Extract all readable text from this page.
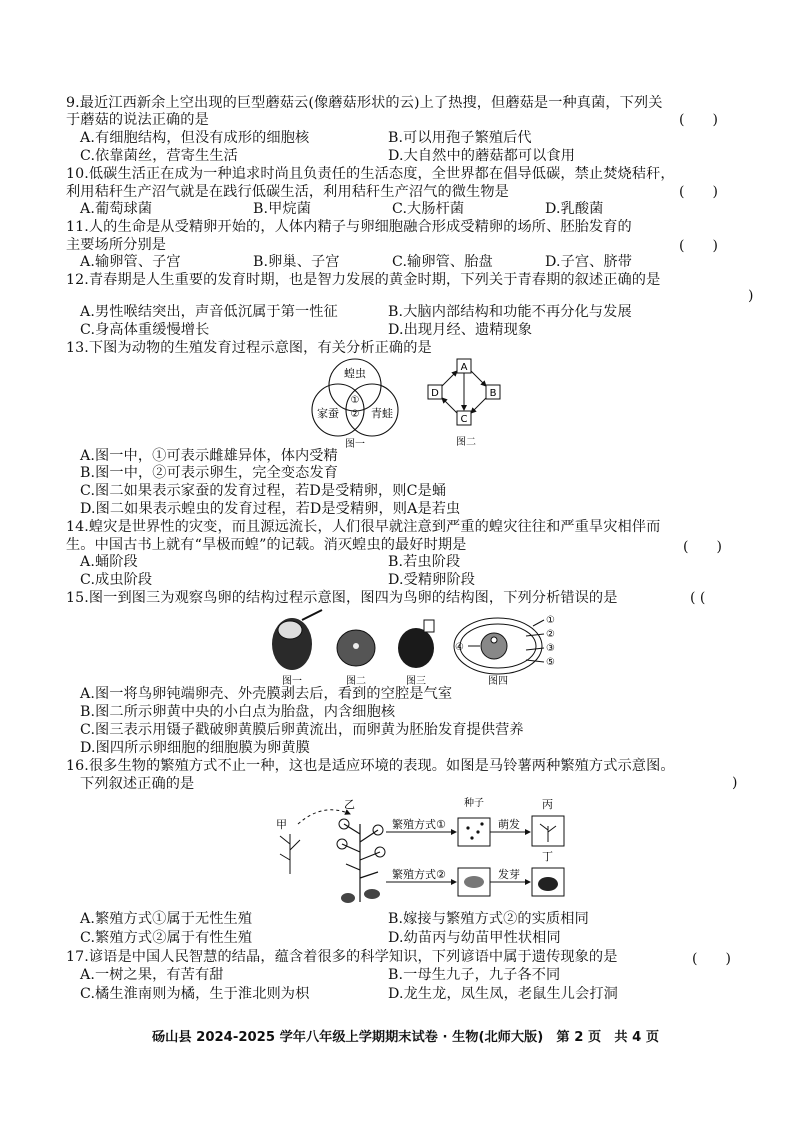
9.最近江西新余上空出现的巨型蘑菇云(像蘑菇形状的云)上了热搜，但蘑菇是一种真菌，下列关
于蘑菇的说法正确的是	(　　)
A.有细胞结构，但没有成形的细胞核	B.可以用孢子繁殖后代
C.依靠菌丝，营寄生生活	D.大自然中的蘑菇都可以食用
10.低碳生活正在成为一种追求时尚且负责任的生活态度，全世界都在倡导低碳，禁止焚烧秸秆，
利用秸秆生产沼气就是在践行低碳生活，利用秸秆生产沼气的微生物是	(　　)
A.葡萄球菌	B.甲烷菌	C.大肠杆菌	D.乳酸菌
11.人的生命是从受精卵开始的，人体内精子与卵细胞融合形成受精卵的场所、胚胎发育的
主要场所分别是	(　　)
A.输卵管、子宫	B.卵巢、子宫	C.输卵管、胎盘	D.子宫、脐带
12.青春期是人生重要的发育时期，也是智力发展的黄金时期，下列关于青春期的叙述正确的是
)
A.男性喉结突出，声音低沉属于第一性征	B.大脑内部结构和功能不再分化与发展
C.身高体重缓慢增长	D.出现月经、遗精现象
13.下图为动物的生殖发育过程示意图，有关分析正确的是
蝗虫
家蚕	青蛙
①
②
图一
A
B
C
D
图二
A.图一中，①可表示雌雄异体，体内受精
B.图一中，②可表示卵生，完全变态发育
C.图二如果表示家蚕的发育过程，若D是受精卵，则C是蛹
D.图二如果表示蝗虫的发育过程，若D是受精卵，则A是若虫
14.蝗灾是世界性的灾变，而且源远流长，人们很早就注意到严重的蝗灾往往和严重旱灾相伴而
生。中国古书上就有“旱极而蝗”的记载。消灭蝗虫的最好时期是	(　　)
A.蛹阶段	B.若虫阶段
C.成虫阶段	D.受精卵阶段
15.图一到图三为观察鸟卵的结构过程示意图，图四为鸟卵的结构图，下列分析错误的是	( (
①
②
③
④
⑤
图一	图二	图三	图四
A.图一将鸟卵钝端卵壳、外壳膜剥去后，看到的空腔是气室
B.图二所示卵黄中央的小白点为胎盘，内含细胞核
C.图三表示用镊子戳破卵黄膜后卵黄流出，而卵黄为胚胎发育提供营养
D.图四所示卵细胞的细胞膜为卵黄膜
16.很多生物的繁殖方式不止一种，这也是适应环境的表现。如图是马铃薯两种繁殖方式示意图。
下列叙述正确的是	)
甲
乙
繁殖方式①
种子
萌发
丙
繁殖方式②	发芽
丁
A.繁殖方式①属于无性生殖	B.嫁接与繁殖方式②的实质相同
C.繁殖方式②属于有性生殖	D.幼苗丙与幼苗甲性状相同
17.谚语是中国人民智慧的结晶，蕴含着很多的科学知识，下列谚语中属于遗传现象的是	(　　)
A.一树之果，有苦有甜	B.一母生九子，九子各不同
C.橘生淮南则为橘，生于淮北则为枳	D.龙生龙，凤生凤，老鼠生儿会打洞
砀山县 2024-2025 学年八年级上学期期末试卷 · 生物(北师大版)　第 2 页　共 4 页
